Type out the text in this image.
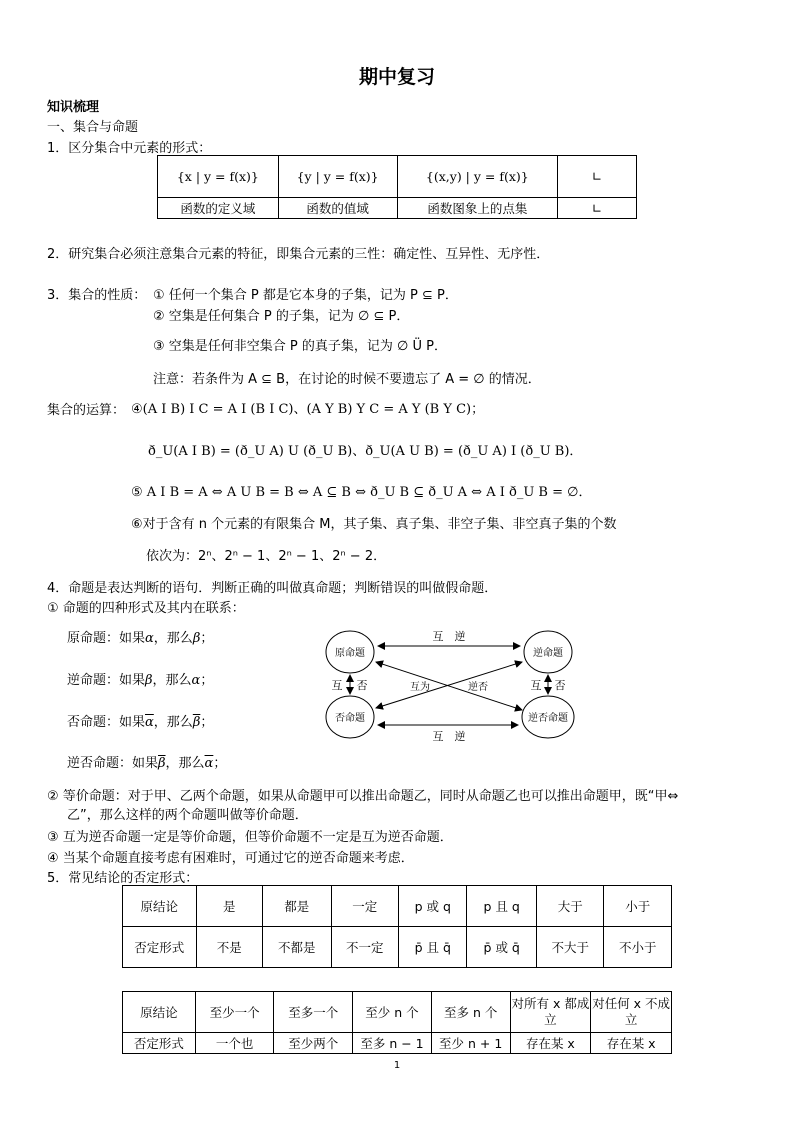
期中复习
知识梳理
一、集合与命题
1．区分集合中元素的形式：
{x | y = f(x)}	{y | y = f(x)}	{(x,y) | y = f(x)}	∟
函数的定义域	函数的值域	函数图象上的点集	∟
2．研究集合必须注意集合元素的特征，即集合元素的三性：确定性、互异性、无序性．
3．集合的性质： ① 任何一个集合 P 都是它本身的子集，记为 P ⊆ P．
② 空集是任何集合 P 的子集，记为 ∅ ⊆ P．
③ 空集是任何非空集合 P 的真子集，记为 ∅ Ü P．
注意：若条件为 A ⊆ B，在讨论的时候不要遗忘了 A = ∅ 的情况．
集合的运算： ④(A I B) I C = A I (B I C)、(A Y B) Y C = A Y (B Y C)；
ð_U(A I B) = (ð_U A) U (ð_U B)、ð_U(A U B) = (ð_U A) I (ð_U B)．
⑤ A I B = A ⇔ A U B = B ⇔ A ⊆ B ⇔ ð_U B ⊆ ð_U A ⇔ A I ð_U B = ∅．
⑥对于含有 n 个元素的有限集合 M，其子集、真子集、非空子集、非空真子集的个数
依次为：2ⁿ、2ⁿ − 1、2ⁿ − 1、2ⁿ − 2．
4．命题是表达判断的语句．判断正确的叫做真命题；判断错误的叫做假命题．
① 命题的四种形式及其内在联系：
原命题：如果α，那么β；
逆命题：如果β，那么α；
否命题：如果$\overline{\alpha}$，那么$\overline{\beta}$；
逆否命题：如果$\overline{\beta}$，那么$\overline{\alpha}$；
原命题	逆命题
否命题	逆否命题
互　逆
互　逆
互 否	互 否
互为	逆否
② 等价命题：对于甲、乙两个命题，如果从命题甲可以推出命题乙，同时从命题乙也可以推出命题甲，既“甲⇔
乙”，那么这样的两个命题叫做等价命题．
③ 互为逆否命题一定是等价命题，但等价命题不一定是互为逆否命题．
④ 当某个命题直接考虑有困难时，可通过它的逆否命题来考虑．
5．常见结论的否定形式：
原结论	是	都是	一定	p 或 q	p 且 q	大于	小于
否定形式	不是	不都是	不一定	p̄ 且 q̄	p̄ 或 q̄	不大于	不小于
原结论	至少一个	至多一个	至少 n 个	至多 n 个	对所有 x 都成立	对任何 x 不成立
否定形式	一个也	至少两个	至多 n − 1	至少 n + 1	存在某 x	存在某 x
1
